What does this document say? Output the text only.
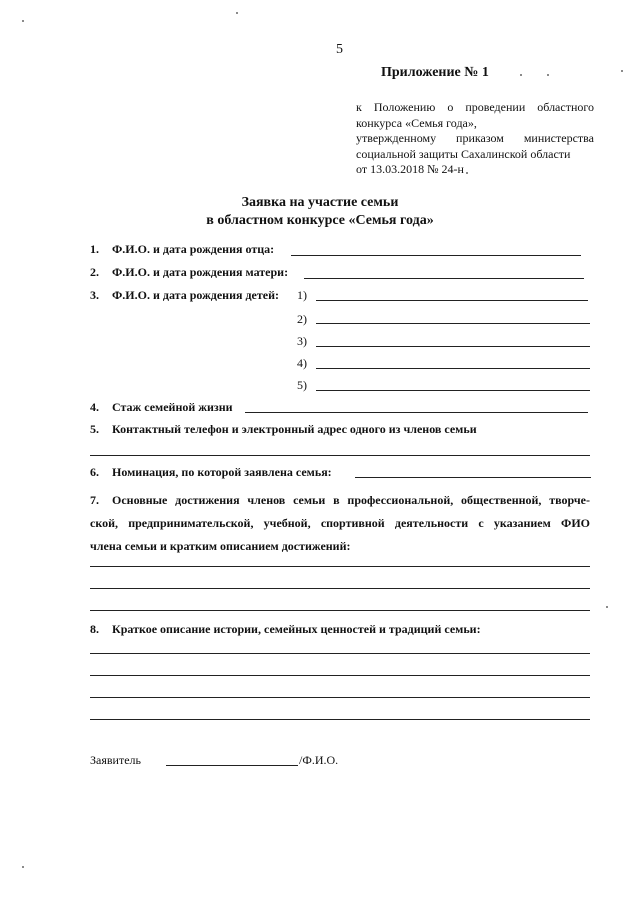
5
Приложение № 1
к Положению о проведении областного
конкурса «Семья года»,
утвержденному приказом министерства
социальной защиты Сахалинской области
от 13.03.2018 № 24-н
Заявка на участие семьи
в областном конкурсе «Семья года»
1. Ф.И.О. и дата рождения отца:
2. Ф.И.О. и дата рождения матери:
3. Ф.И.О. и дата рождения детей: 1)
2)
3)
4)
5)
4. Стаж семейной жизни
5. Контактный телефон и электронный адрес одного из членов семьи
6. Номинация, по которой заявлена семья:
7. Основные достижения членов семьи в профессиональной, общественной, творче-
ской, предпринимательской, учебной, спортивной деятельности с указанием ФИО
члена семьи и кратким описанием достижений:
8. Краткое описание истории, семейных ценностей и традиций семьи:
Заявитель	/Ф.И.О.
